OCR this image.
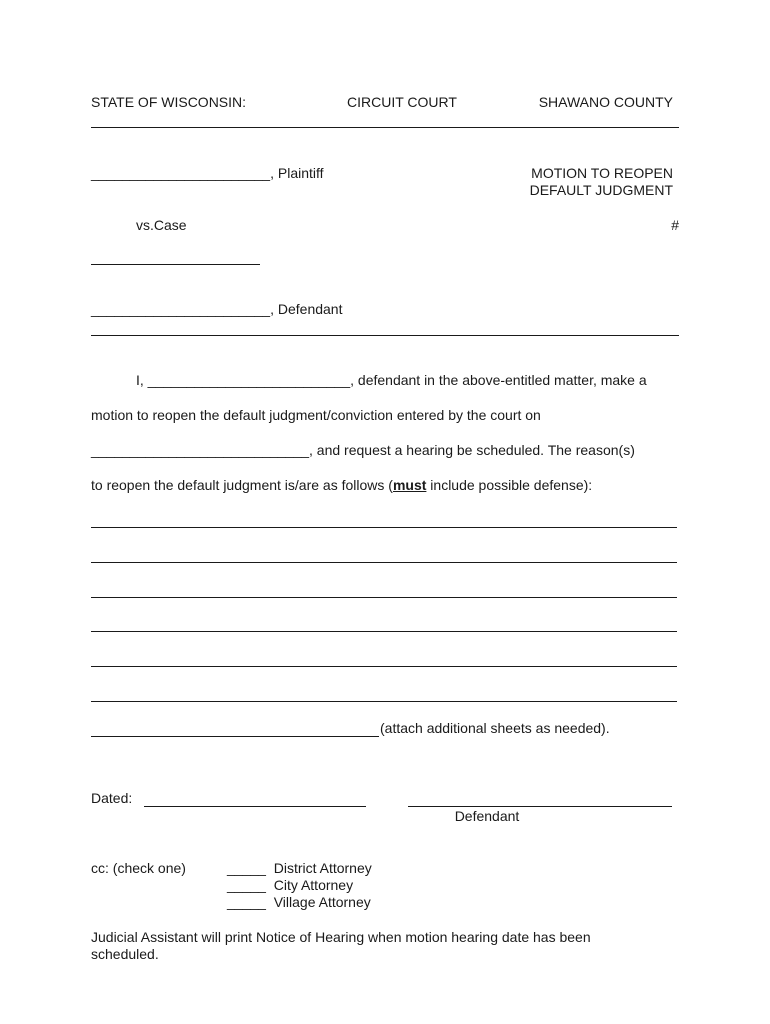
STATE OF WISCONSIN:	CIRCUIT COURT	SHAWANO COUNTY
_______________________, Plaintiff	MOTION TO REOPEN
DEFAULT JUDGMENT
vs.Case	#
_______________________, Defendant
I, __________________________, defendant in the above-entitled matter, make a
motion to reopen the default judgment/conviction entered by the court on
____________________________, and request a hearing be scheduled. The reason(s)
to reopen the default judgment is/are as follows (must include possible defense):
(attach additional sheets as needed).
Dated:
Defendant
cc: (check one)	_____ District Attorney
_____ City Attorney
_____ Village Attorney
Judicial Assistant will print Notice of Hearing when motion hearing date has been
scheduled.
